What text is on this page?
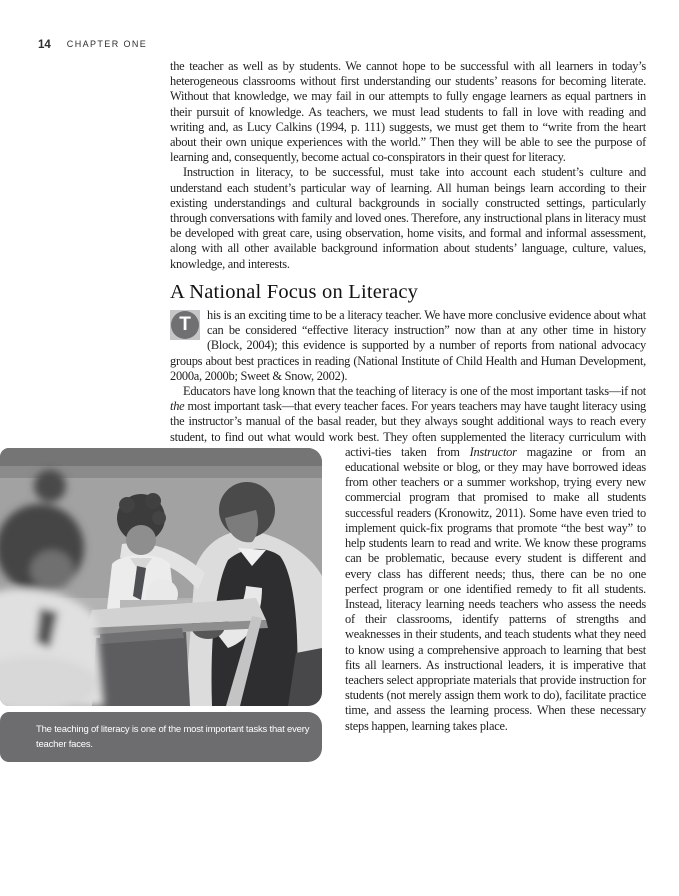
14 CHAPTER ONE

the teacher as well as by students. We cannot hope to be successful with all learners in today’s heterogeneous classrooms without first understanding our students’ reasons for becoming literate. Without that knowledge, we may fail in our attempts to fully engage learners as equal partners in their pursuit of knowledge. As teachers, we must lead students to fall in love with reading and writing and, as Lucy Calkins (1994, p. 111) suggests, we must get them to “write from the heart about their own unique experiences with the world.” Then they will be able to see the purpose of learning and, consequently, become actual co-conspirators in their quest for literacy.

Instruction in literacy, to be successful, must take into account each student’s culture and understand each student’s particular way of learning. All human beings learn according to their existing understandings and cultural backgrounds in socially constructed settings, particularly through conversations with family and loved ones. Therefore, any instructional plans in literacy must be developed with great care, using observation, home visits, and formal and informal assessment, along with all other available background information about students’ language, culture, values, knowledge, and interests.

A National Focus on Literacy

T	his is an exciting time to be a literacy teacher. We have more conclusive evidence about what can be considered “effective literacy instruction” now than at any other time in history (Block, 2004); this evidence is supported by a number of reports from national advocacy groups about best practices in reading (National Institute of Child Health and Human Development, 2000a, 2000b; Sweet & Snow, 2002).

Educators have long known that the teaching of literacy is one of the most important tasks—if not the most important task—that every teacher faces. For years teachers may have taught literacy using the instructor’s manual of the basal reader, but they always sought additional ways to reach every student, to find out what would work best. They often supplemented the literacy curriculum with activi-
The teaching of literacy is one of the most important tasks that every teacher faces.
ties taken from Instructor magazine or from an educational website or blog, or they may have borrowed ideas from other teachers or a summer workshop, trying every new commercial program that promised to make all students successful readers (Kronowitz, 2011). Some have even tried to implement quick-fix programs that promote “the best way” to help students learn to read and write. We know these programs can be problematic, because every student is different and every class has different needs; thus, there can be no one perfect program or one identified remedy to fit all students. Instead, literacy learning needs teachers who assess the needs of their classrooms, identify patterns of strengths and weaknesses in their students, and teach students what they need to know using a comprehensive approach to learning that best fits all learners. As instructional leaders, it is imperative that teachers select appropriate materials that provide instruction for students (not merely assign them work to do), facilitate practice time, and assess the learning process. When these necessary steps happen, learning takes place.
